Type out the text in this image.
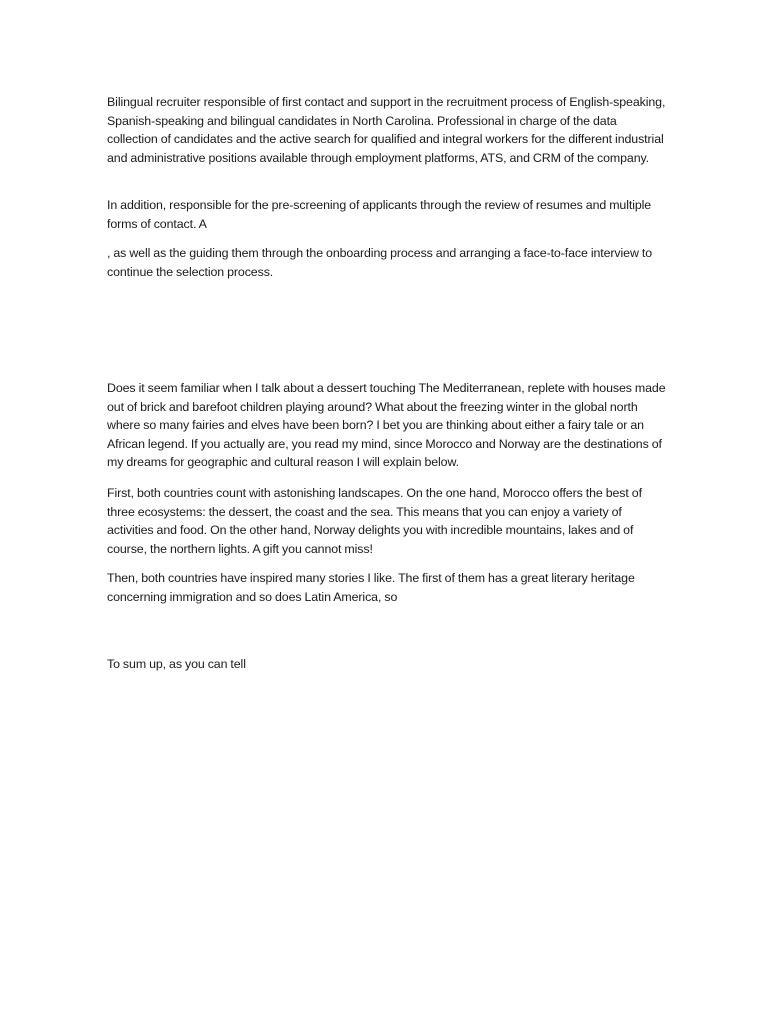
Bilingual recruiter responsible of first contact and support in the recruitment process of English-speaking, Spanish-speaking and bilingual candidates in North Carolina. Professional in charge of the data collection of candidates and the active search for qualified and integral workers for the different industrial and administrative positions available through employment platforms, ATS, and CRM of the company.

In addition, responsible for the pre-screening of applicants through the review of resumes and multiple forms of contact. A

, as well as the guiding them through the onboarding process and arranging a face-to-face interview to continue the selection process.

Does it seem familiar when I talk about a dessert touching The Mediterranean, replete with houses made out of brick and barefoot children playing around? What about the freezing winter in the global north where so many fairies and elves have been born? I bet you are thinking about either a fairy tale or an African legend. If you actually are, you read my mind, since Morocco and Norway are the destinations of my dreams for geographic and cultural reason I will explain below.

First, both countries count with astonishing landscapes. On the one hand, Morocco offers the best of three ecosystems: the dessert, the coast and the sea. This means that you can enjoy a variety of activities and food. On the other hand, Norway delights you with incredible mountains, lakes and of course, the northern lights. A gift you cannot miss!

Then, both countries have inspired many stories I like. The first of them has a great literary heritage concerning immigration and so does Latin America, so

To sum up, as you can tell
